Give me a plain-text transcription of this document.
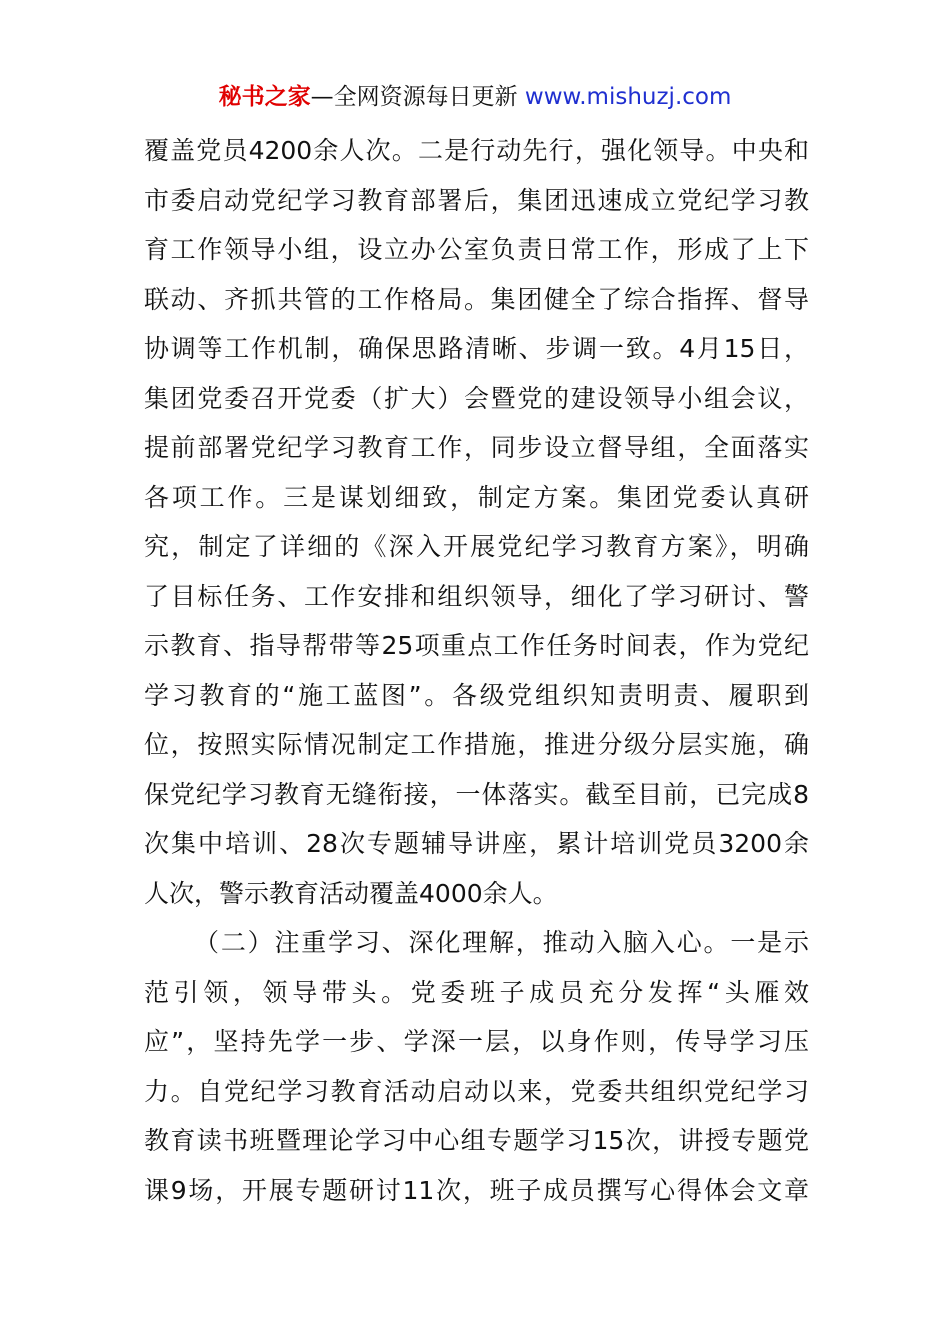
秘书之家—全网资源每日更新 www.mishuzj.com
覆盖党员4200余人次。二是行动先行，强化领导。中央和
市委启动党纪学习教育部署后，集团迅速成立党纪学习教
育工作领导小组，设立办公室负责日常工作，形成了上下
联动、齐抓共管的工作格局。集团健全了综合指挥、督导
协调等工作机制，确保思路清晰、步调一致。4月15日，
集团党委召开党委（扩大）会暨党的建设领导小组会议，
提前部署党纪学习教育工作，同步设立督导组，全面落实
各项工作。三是谋划细致，制定方案。集团党委认真研
究，制定了详细的《深入开展党纪学习教育方案》，明确
了目标任务、工作安排和组织领导，细化了学习研讨、警
示教育、指导帮带等25项重点工作任务时间表，作为党纪
学习教育的“施工蓝图”。各级党组织知责明责、履职到
位，按照实际情况制定工作措施，推进分级分层实施，确
保党纪学习教育无缝衔接，一体落实。截至目前，已完成8
次集中培训、28次专题辅导讲座，累计培训党员3200余
人次，警示教育活动覆盖4000余人。
（二）注重学习、深化理解，推动入脑入心。一是示
范引领，领导带头。党委班子成员充分发挥“头雁效
应”，坚持先学一步、学深一层，以身作则，传导学习压
力。自党纪学习教育活动启动以来，党委共组织党纪学习
教育读书班暨理论学习中心组专题学习15次，讲授专题党
课9场，开展专题研讨11次，班子成员撰写心得体会文章
